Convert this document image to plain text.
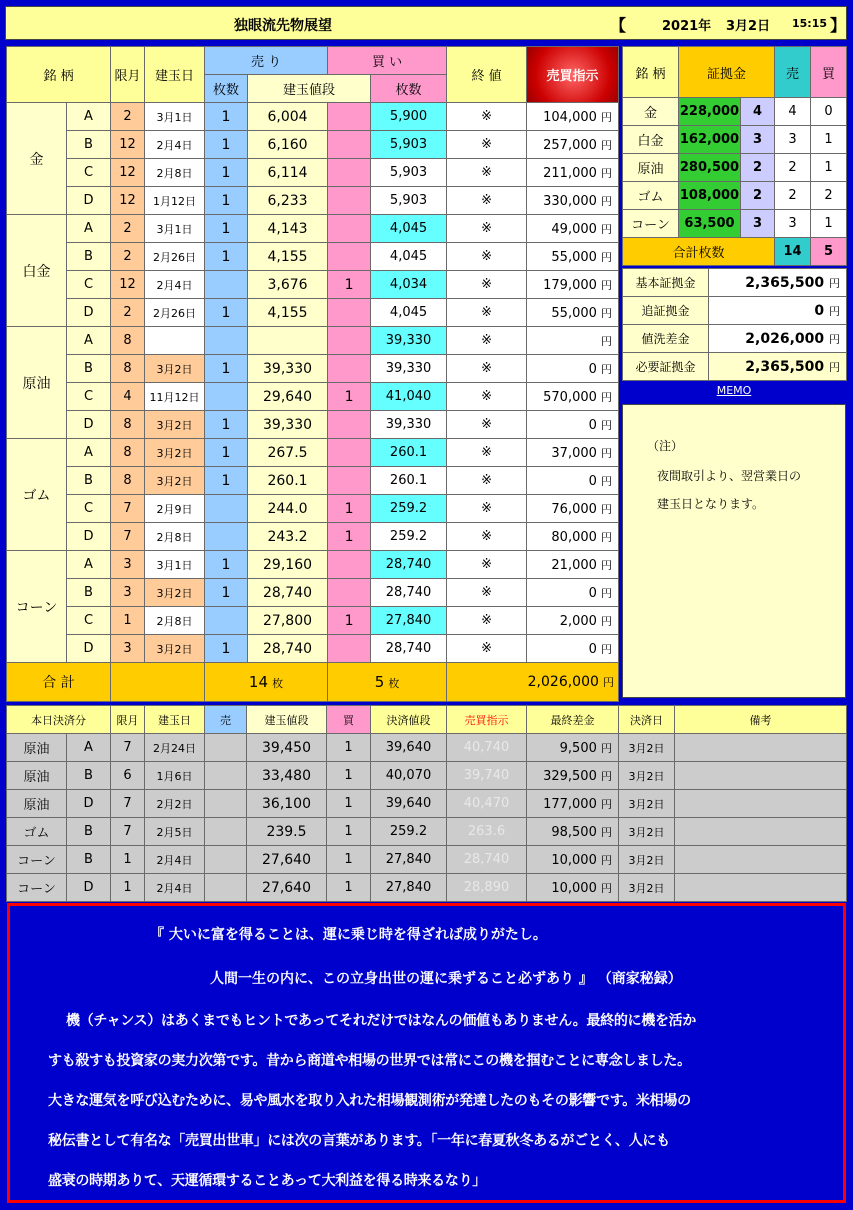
独眼流先物展望	【	2021年 3月2日 15:15 】
銘 柄		限月	建玉日	売 り		買 い		終 値	売買指示	
				枚数	建玉値段		枚数			
金	A	2	3月1日	1	6,004		5,900	※	104,000 円	
	B	12	2月4日	1	6,160		5,903	※	257,000 円	
	C	12	2月8日	1	6,114		5,903	※	211,000 円	
	D	12	1月12日	1	6,233		5,903	※	330,000 円	
白金	A	2	3月1日	1	4,143		4,045	※	49,000 円	
	B	2	2月26日	1	4,155		4,045	※	55,000 円	
	C	12	2月4日		3,676	1	4,034	※	179,000 円	
	D	2	2月26日	1	4,155		4,045	※	55,000 円	
原油	A	8					39,330	※	円	
	B	8	3月2日	1	39,330		39,330	※	0 円	
	C	4	11月12日		29,640	1	41,040	※	570,000 円	
	D	8	3月2日	1	39,330		39,330	※	0 円	
ゴム	A	8	3月2日	1	267.5		260.1	※	37,000 円	
	B	8	3月2日	1	260.1		260.1	※	0 円	
	C	7	2月9日		244.0	1	259.2	※	76,000 円	
	D	7	2月8日		243.2	1	259.2	※	80,000 円	
コーン	A	3	3月1日	1	29,160		28,740	※	21,000 円	
	B	3	3月2日	1	28,740		28,740	※	0 円	
	C	1	2月8日		27,800	1	27,840	※	2,000 円	
	D	3	3月2日	1	28,740		28,740	※	0 円	
合 計				14 枚		5 枚		2,026,000 円		
銘 柄	証拠金		売	買
金	228,000	4	4	0
白金	162,000	3	3	1
原油	280,500	2	2	1
ゴム	108,000	2	2	2
コーン	63,500	3	3	1
合計枚数			14	5
基本証拠金	2,365,500 円
追証拠金	0 円
値洗差金	2,026,000 円
必要証拠金	2,365,500 円
MEMO
（注）
夜間取引より、翌営業日の
建玉日となります。
本日決済分		限月	建玉日	売	建玉値段	買	決済値段	売買指示	最終差金	決済日	備考
原油	A	7	2月24日		39,450	1	39,640	40,740	9,500 円	3月2日	
原油	B	6	1月6日		33,480	1	40,070	39,740	329,500 円	3月2日	
原油	D	7	2月2日		36,100	1	39,640	40,470	177,000 円	3月2日	
ゴム	B	7	2月5日		239.5	1	259.2	263.6	98,500 円	3月2日	
コーン	B	1	2月4日		27,640	1	27,840	28,740	10,000 円	3月2日	
コーン	D	1	2月4日		27,640	1	27,840	28,890	10,000 円	3月2日	
『 大いに富を得ることは、運に乗じ時を得ざれば成りがたし。
人間一生の内に、この立身出世の運に乗ずること必ずあり 』 （商家秘録）
機（チャンス）はあくまでもヒントであってそれだけではなんの価値もありません。最終的に機を活か
すも殺すも投資家の実力次第です。昔から商道や相場の世界では常にこの機を掴むことに専念しました。
大きな運気を呼び込むために、易や風水を取り入れた相場観測術が発達したのもその影響です。米相場の
秘伝書として有名な「売買出世車」には次の言葉があります。「一年に春夏秋冬あるがごとく、人にも
盛衰の時期ありて、天運循環することあって大利益を得る時来るなり」
